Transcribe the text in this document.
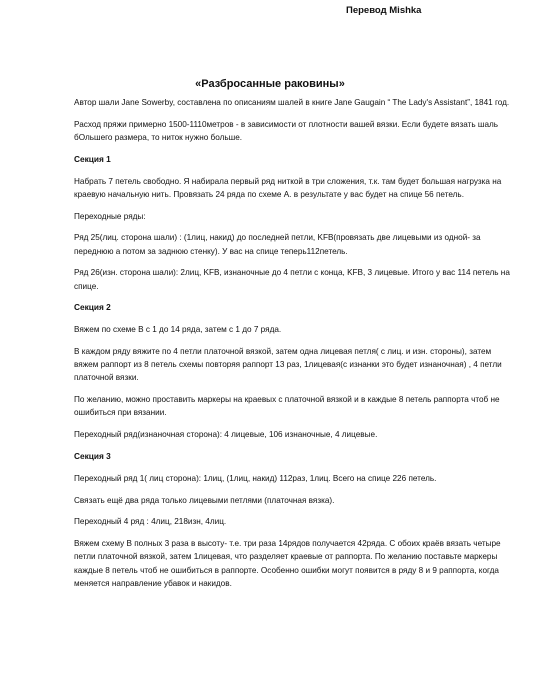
Перевод Mishka
«Разбросанные раковины»

Автор шали Jane Sowerby, составлена по описаниям шалей в книге Jane Gaugain “ The Lady's Assistant”, 1841 год.

Расход пряжи примерно 1500-1110метров - в зависимости от плотности вашей вязки. Если будете вязать шаль бОльшего размера, то ниток нужно больше.

Секция 1

Набрать 7 петель свободно. Я набирала первый ряд ниткой в три сложения, т.к. там будет большая нагрузка на краевую начальную нить. Провязать 24 ряда по схеме А. в результате у вас будет на спице 56 петель.

Переходные ряды:

Ряд 25(лиц. сторона шали) : (1лиц, накид) до последней петли, KFB(провязать две лицевыми из одной- за переднюю а потом за заднюю стенку). У вас на спице теперь112петель.

Ряд 26(изн. сторона шали): 2лиц, KFB, изнаночные до 4 петли с конца, KFB, 3 лицевые. Итого у вас 114 петель на спице.

Секция 2

Вяжем по схеме В с 1 до 14 ряда, затем с 1 до 7 ряда.

В каждом ряду вяжите по 4 петли платочной вязкой, затем одна лицевая петля( с лиц. и изн. стороны), затем вяжем раппорт из 8 петель схемы повторяя раппорт 13 раз, 1лицевая(с изнанки это будет изнаночная) , 4 петли платочной вязки.

По желанию, можно проставить маркеры на краевых с платочной вязкой и в каждые 8 петель раппорта чтоб не ошибиться при вязании.

Переходный ряд(изнаночная сторона): 4 лицевые, 106 изнаночные, 4 лицевые.

Секция 3

Переходный ряд 1( лиц сторона): 1лиц, (1лиц, накид) 112раз, 1лиц. Всего на спице 226 петель.

Связать ещё два ряда только лицевыми петлями (платочная вязка).

Переходный 4 ряд : 4лиц, 218изн, 4лиц.

Вяжем схему В полных 3 раза в высоту- т.е. три раза 14рядов получается 42ряда. С обоих краёв вязать четыре петли платочной вязкой, затем 1лицевая, что разделяет краевые от раппорта. По желанию поставьте маркеры каждые 8 петель чтоб не ошибиться в раппорте. Особенно ошибки могут появится в ряду 8 и 9 раппорта, когда меняется направление убавок и накидов.
